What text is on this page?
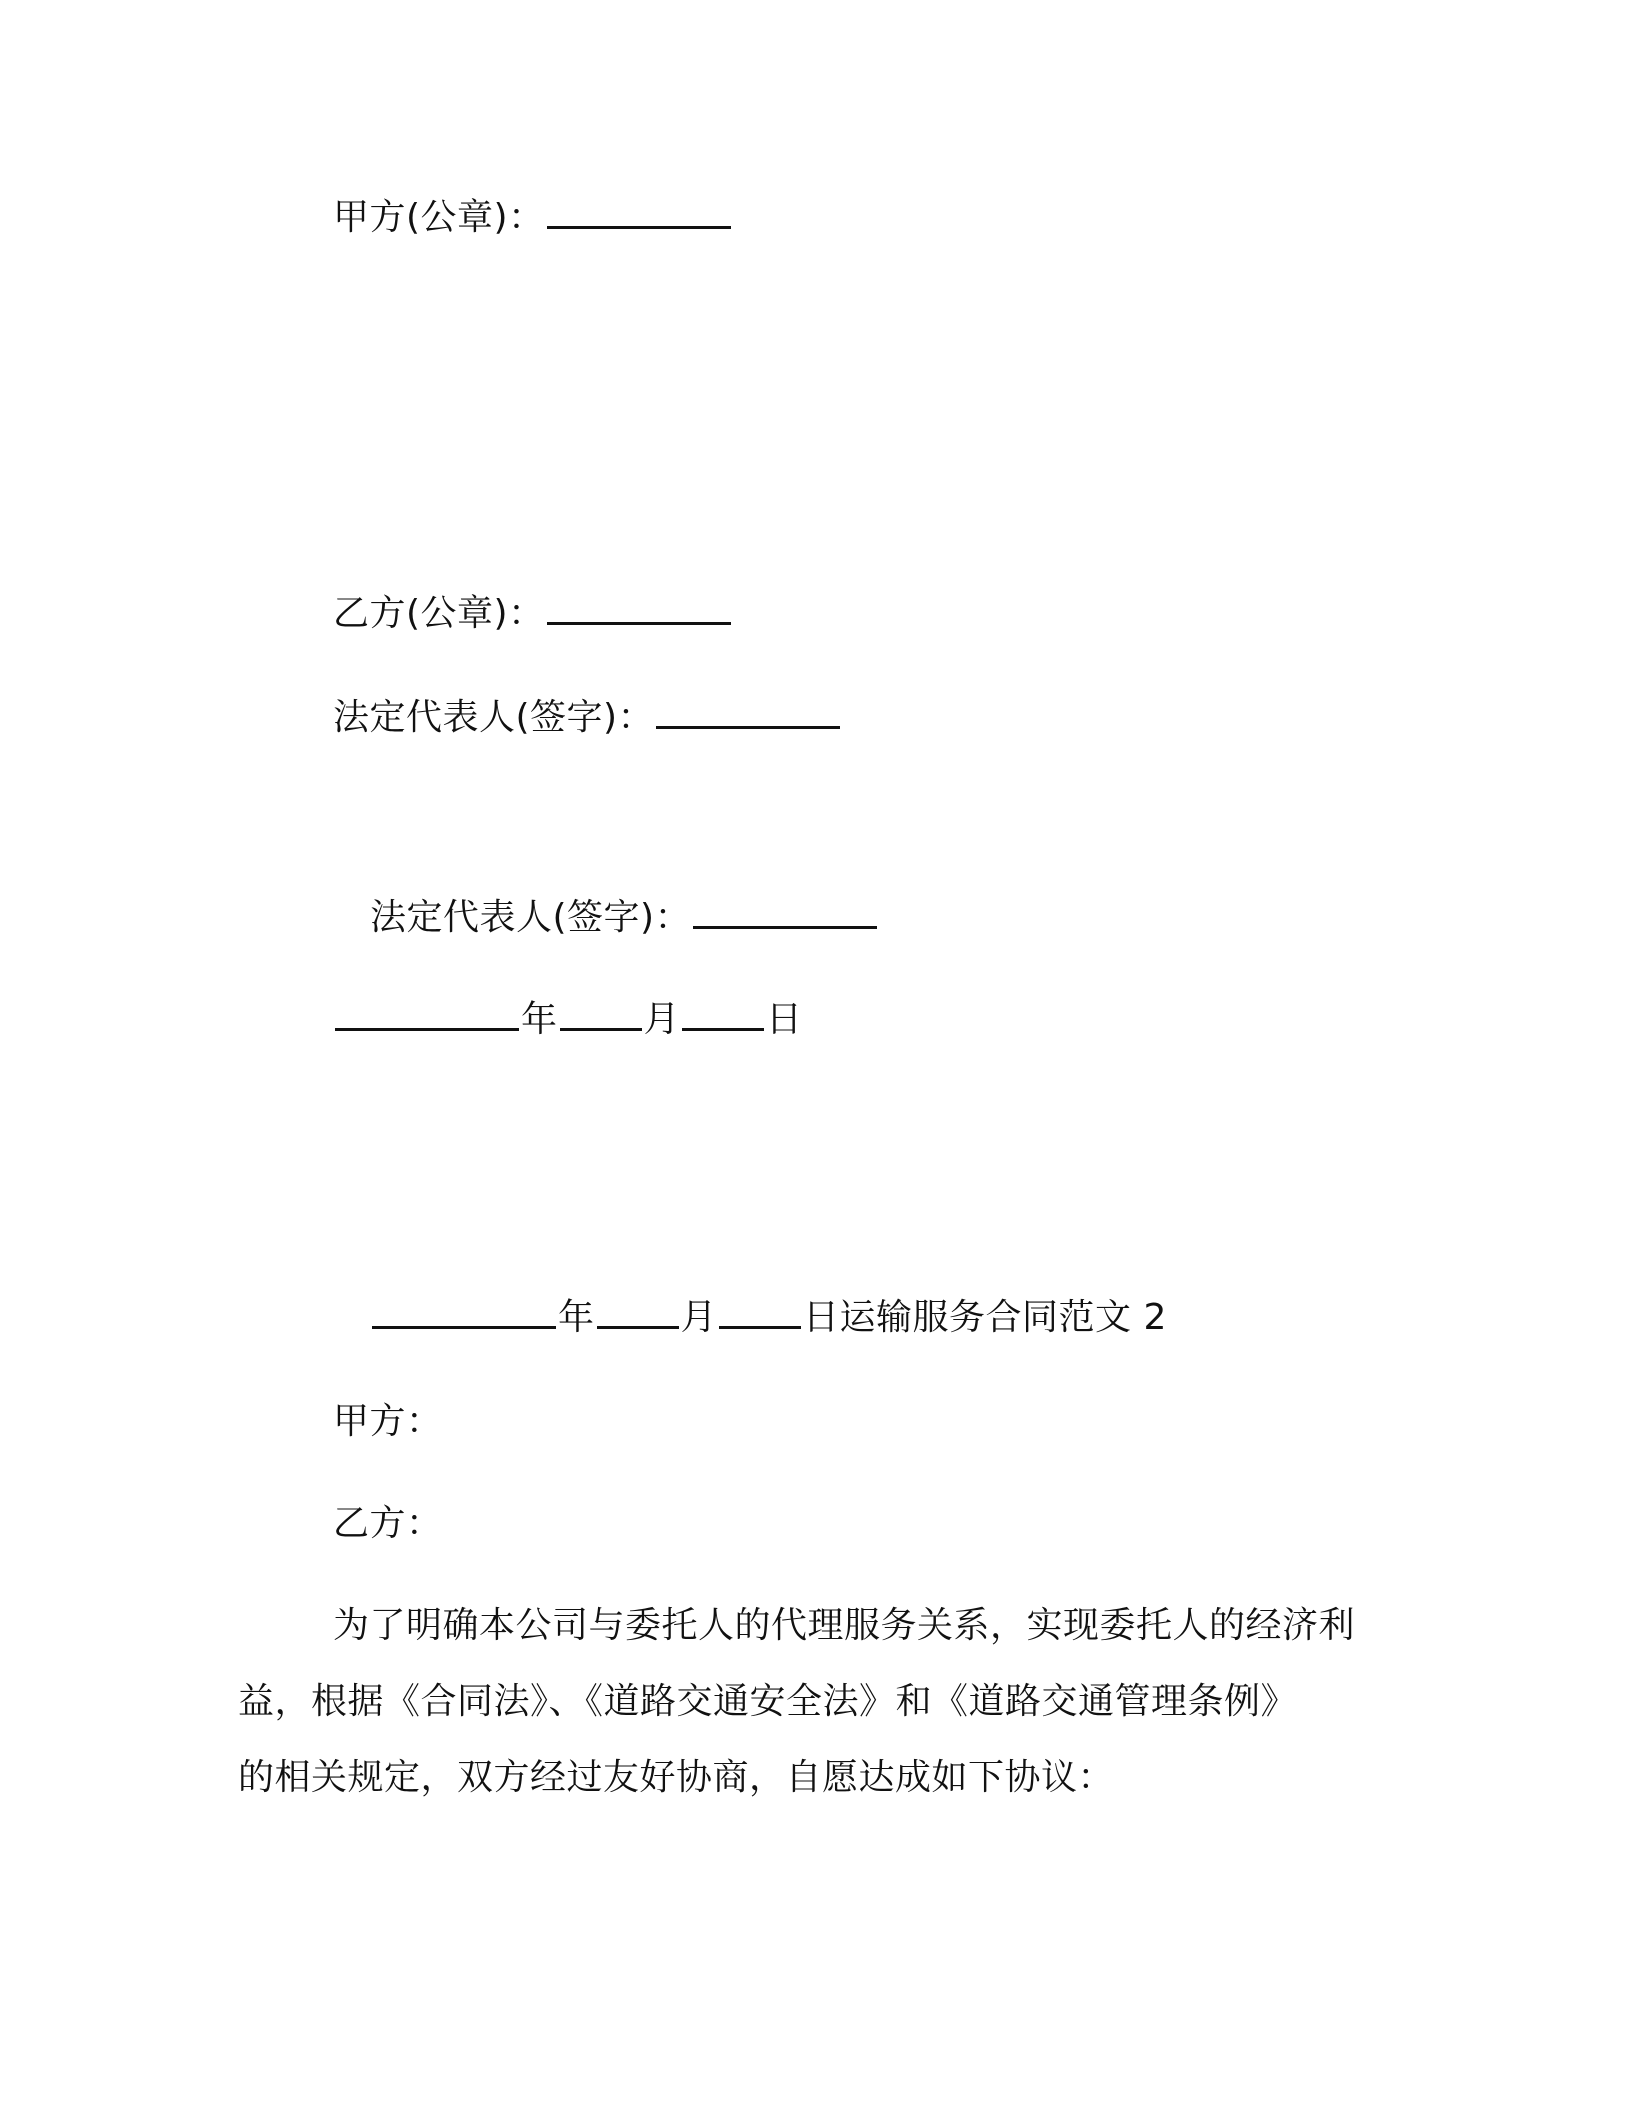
甲方(公章)：
乙方(公章)：
法定代表人(签字)：
法定代表人(签字)：
年 月 日
年 月 日运输服务合同范文 2
甲方：
乙方：
为了明确本公司与委托人的代理服务关系，实现委托人的经济利
益，根据《合同法》、《道路交通安全法》和《道路交通管理条例》
的相关规定，双方经过友好协商，自愿达成如下协议：
